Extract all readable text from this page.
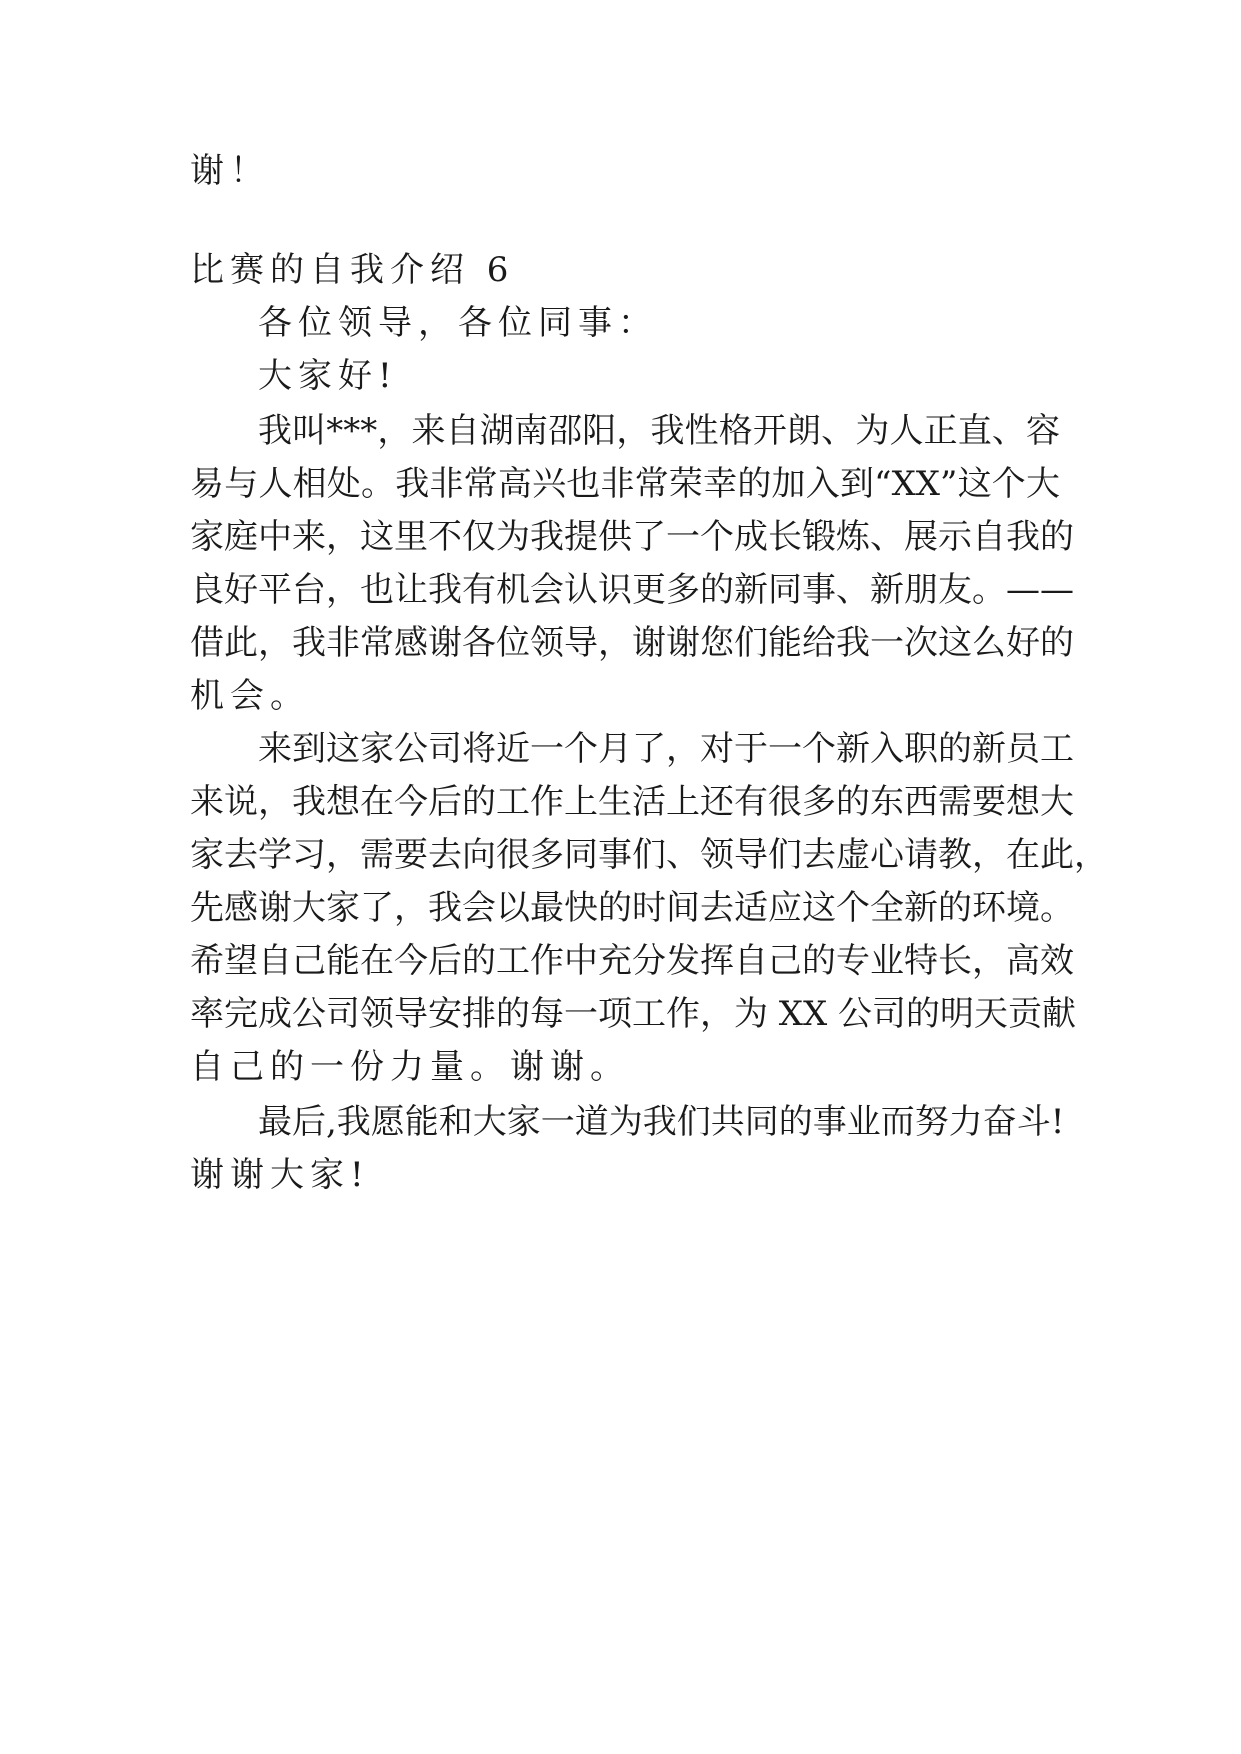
谢！
比赛的自我介绍 6
各位领导，各位同事：
大家好!
我叫***，来自湖南邵阳，我性格开朗、为人正直、容
易与人相处。我非常高兴也非常荣幸的加入到“XX”这个大
家庭中来，这里不仅为我提供了一个成长锻炼、展示自我的
良好平台，也让我有机会认识更多的新同事、新朋友。——
借此，我非常感谢各位领导，谢谢您们能给我一次这么好的
机会。
来到这家公司将近一个月了，对于一个新入职的新员工
来说，我想在今后的工作上生活上还有很多的东西需要想大
家去学习，需要去向很多同事们、领导们去虚心请教，在此，
先感谢大家了，我会以最快的时间去适应这个全新的环境。
希望自己能在今后的工作中充分发挥自己的专业特长，高效
率完成公司领导安排的每一项工作，为 XX 公司的明天贡献
自己的一份力量。谢谢。
最后,我愿能和大家一道为我们共同的事业而努力奋斗!
谢谢大家!
